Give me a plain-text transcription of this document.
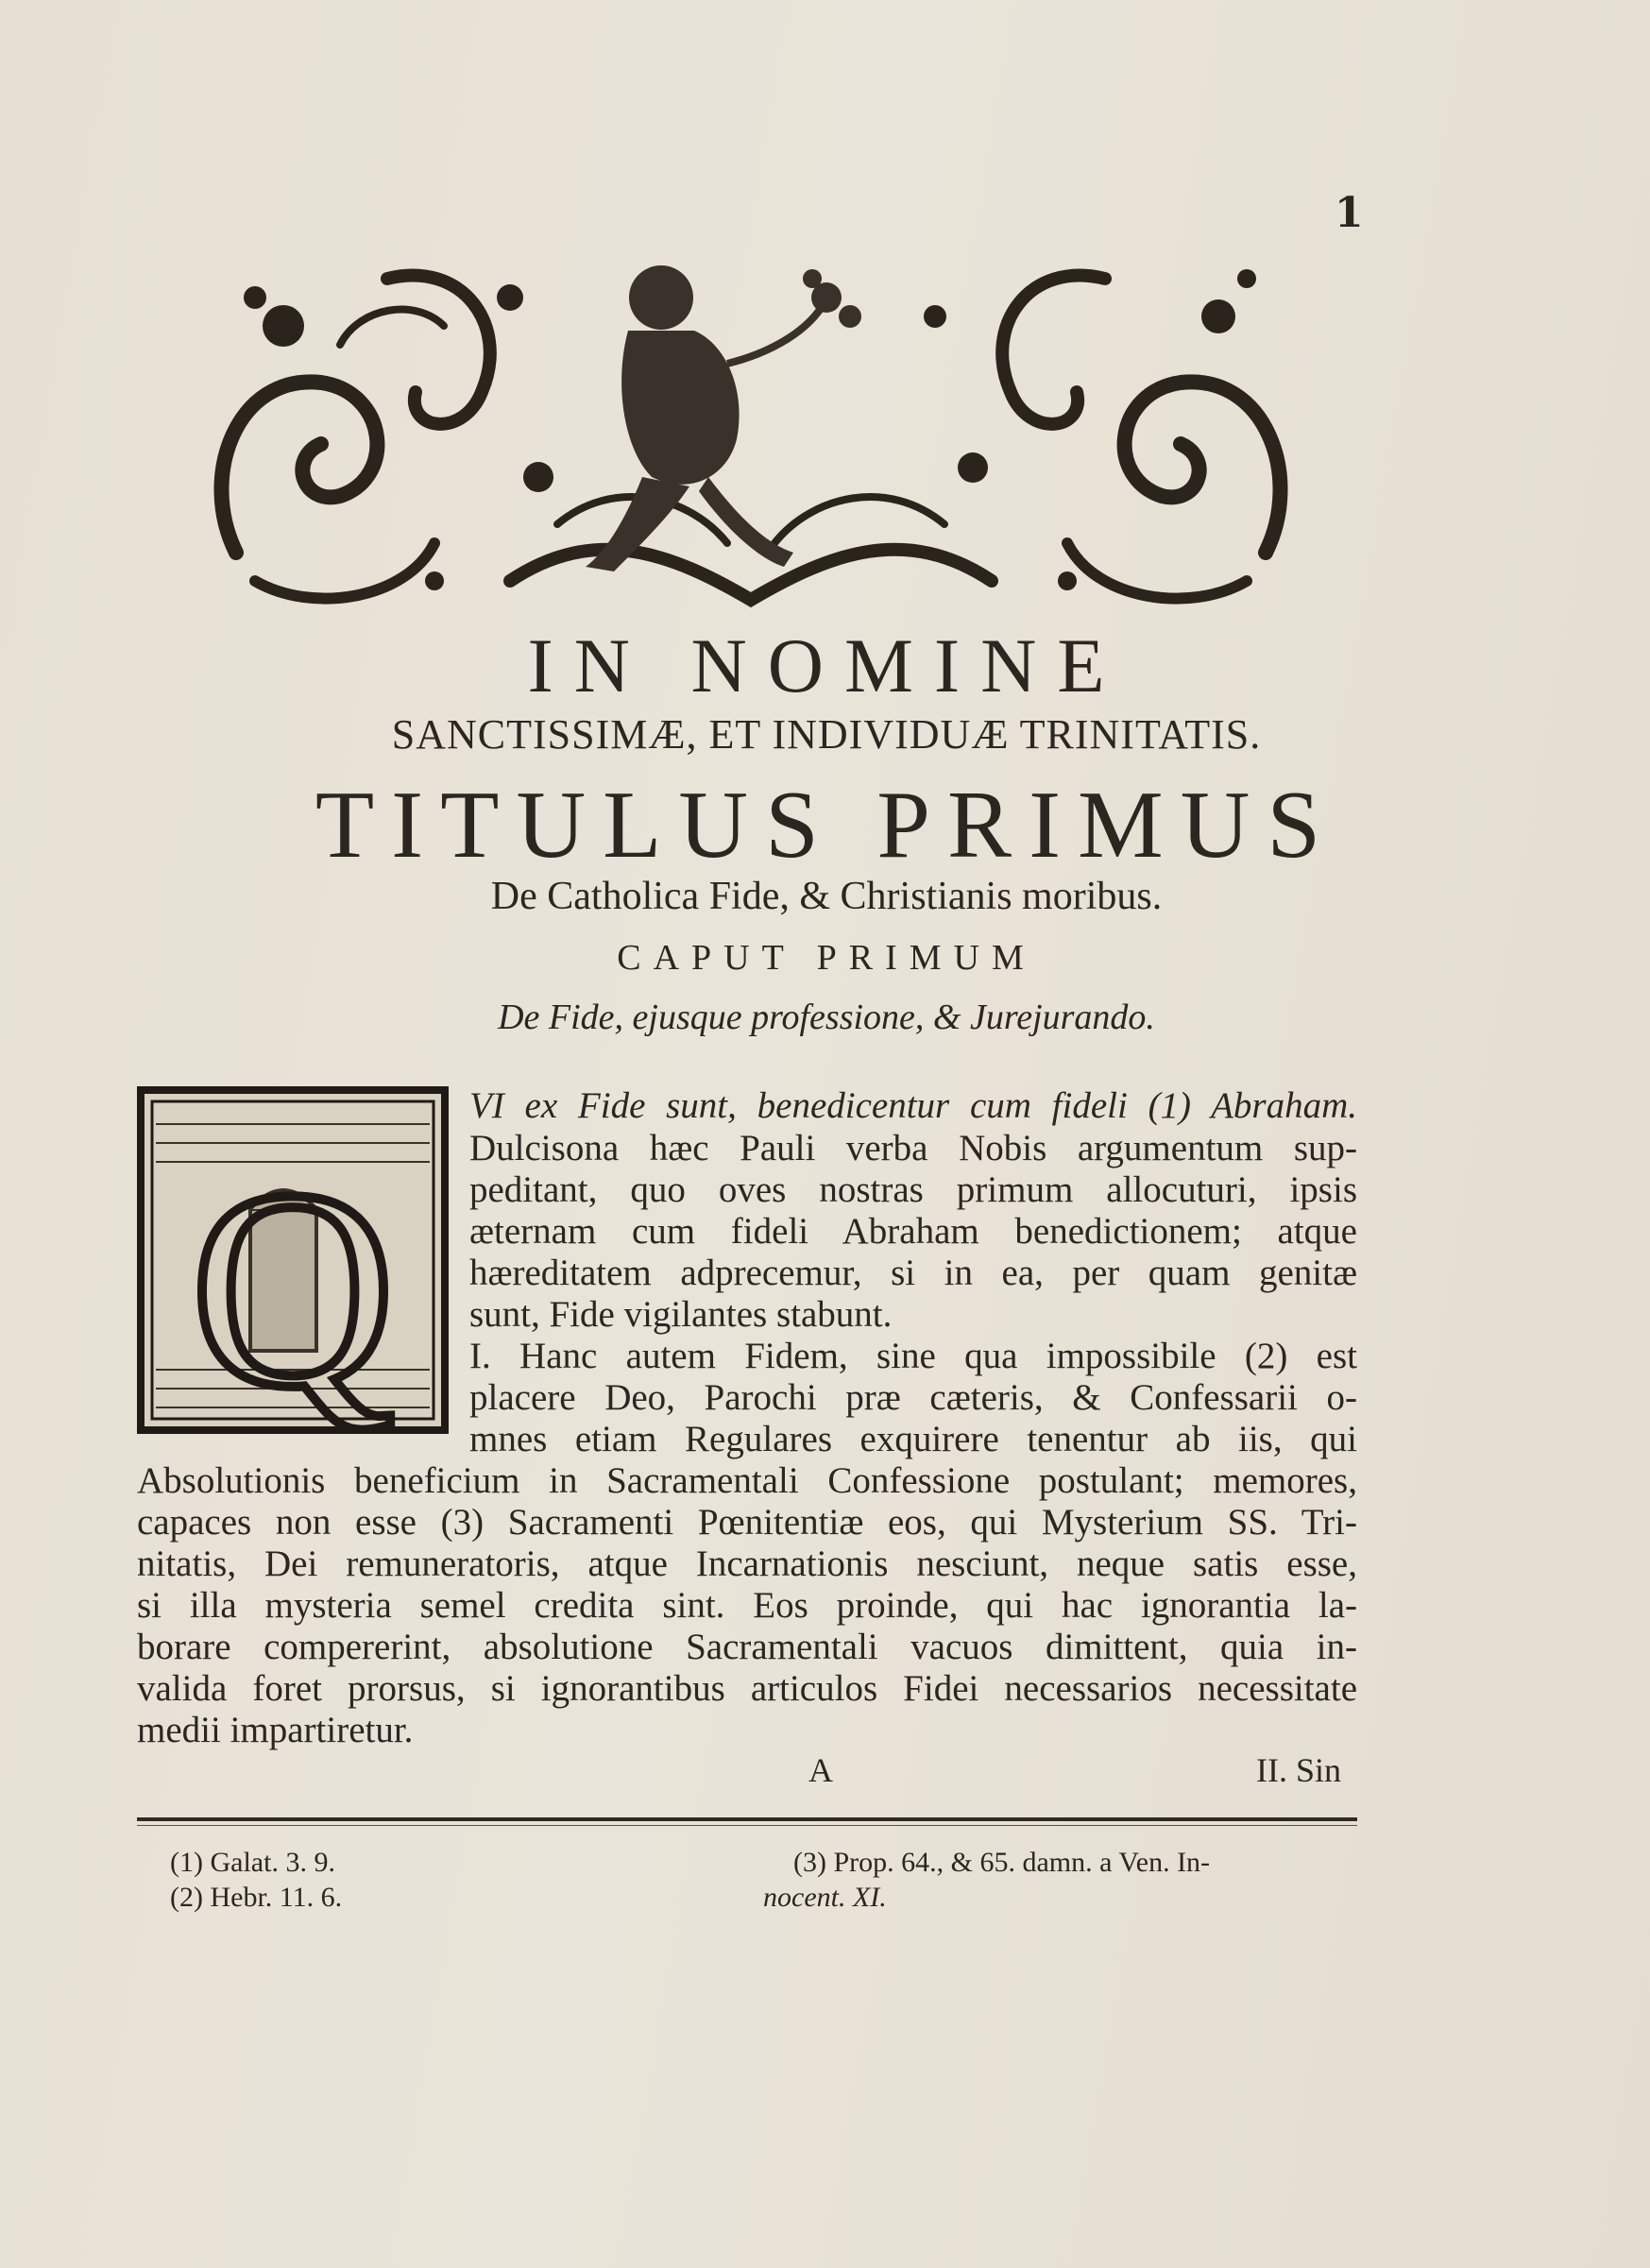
1
IN NOMINE
SANCTISSIMÆ, ET INDIVIDUÆ TRINITATIS.
TITULUS PRIMUS
De Catholica Fide, & Christianis moribus.
CAPUT PRIMUM
De Fide, ejusque professione, & Jurejurando.
Q
VI ex Fide sunt, benedicentur cum fideli (1) Abraham.
Dulcisona hæc Pauli verba Nobis argumentum sup-
peditant, quo oves nostras primum allocuturi, ipsis
æternam cum fideli Abraham benedictionem; atque
hæreditatem adprecemur, si in ea, per quam genitæ
sunt, Fide vigilantes stabunt.
I. Hanc autem Fidem, sine qua impossibile (2) est
placere Deo, Parochi præ cæteris, & Confessarii o-
mnes etiam Regulares exquirere tenentur ab iis, qui
Absolutionis beneficium in Sacramentali Confessione postulant; memores,
capaces non esse (3) Sacramenti Pœnitentiæ eos, qui Mysterium SS. Tri-
nitatis, Dei remuneratoris, atque Incarnationis nesciunt, neque satis esse,
si illa mysteria semel credita sint. Eos proinde, qui hac ignorantia la-
borare compererint, absolutione Sacramentali vacuos dimittent, quia in-
valida foret prorsus, si ignorantibus articulos Fidei necessarios necessitate
medii impartiretur.
A	II. Sin
(1) Galat. 3. 9.
(2) Hebr. 11. 6.
(3) Prop. 64., & 65. damn. a Ven. In-
nocent. XI.
